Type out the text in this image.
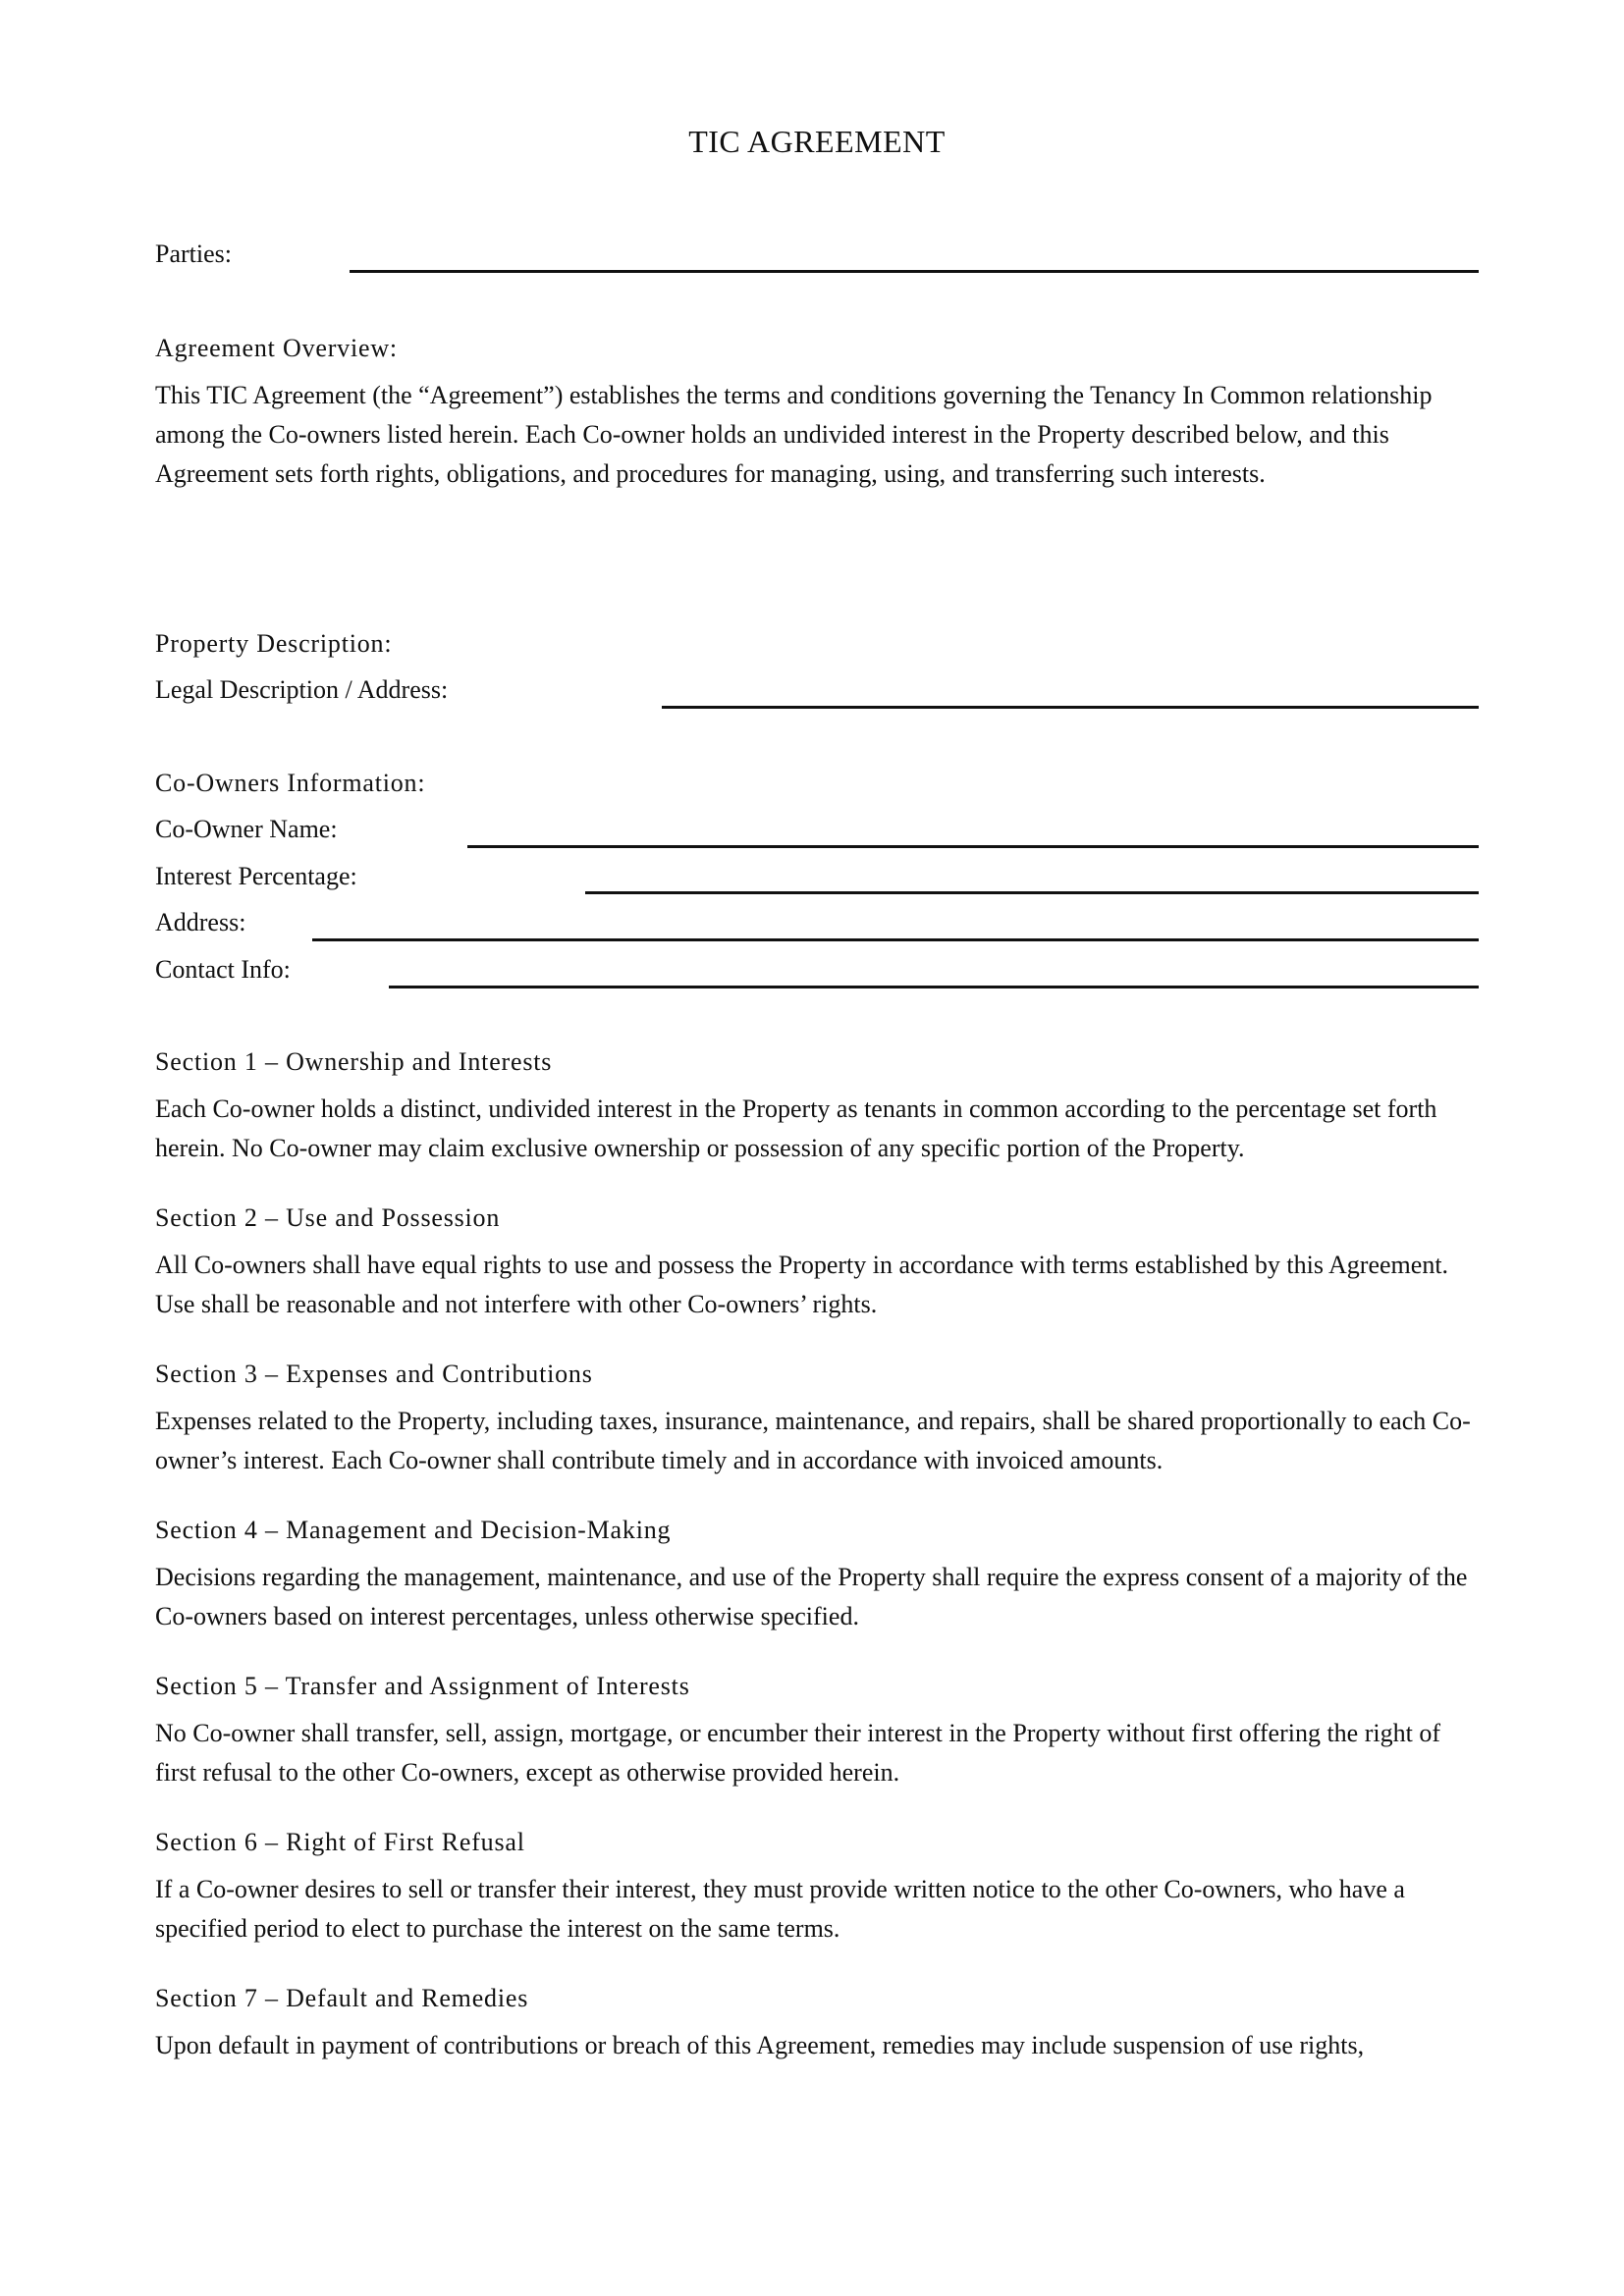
TIC AGREEMENT
Parties:
Agreement Overview:

This TIC Agreement (the “Agreement”) establishes the terms and conditions governing the Tenancy In Common relationship among the Co-owners listed herein. Each Co-owner holds an undivided interest in the Property described below, and this Agreement sets forth rights, obligations, and procedures for managing, using, and transferring such interests.

Property Description:
Legal Description / Address:
Co-Owners Information:
Co-Owner Name:
Interest Percentage:
Address:
Contact Info:
Section 1 – Ownership and Interests

Each Co-owner holds a distinct, undivided interest in the Property as tenants in common according to the percentage set forth herein. No Co-owner may claim exclusive ownership or possession of any specific portion of the Property.

Section 2 – Use and Possession

All Co-owners shall have equal rights to use and possess the Property in accordance with terms established by this Agreement. Use shall be reasonable and not interfere with other Co-owners’ rights.

Section 3 – Expenses and Contributions

Expenses related to the Property, including taxes, insurance, maintenance, and repairs, shall be shared proportionally to each Co-owner’s interest. Each Co-owner shall contribute timely and in accordance with invoiced amounts.

Section 4 – Management and Decision-Making

Decisions regarding the management, maintenance, and use of the Property shall require the express consent of a majority of the Co-owners based on interest percentages, unless otherwise specified.

Section 5 – Transfer and Assignment of Interests

No Co-owner shall transfer, sell, assign, mortgage, or encumber their interest in the Property without first offering the right of first refusal to the other Co-owners, except as otherwise provided herein.

Section 6 – Right of First Refusal

If a Co-owner desires to sell or transfer their interest, they must provide written notice to the other Co-owners, who have a specified period to elect to purchase the interest on the same terms.

Section 7 – Default and Remedies

Upon default in payment of contributions or breach of this Agreement, remedies may include suspension of use rights,
